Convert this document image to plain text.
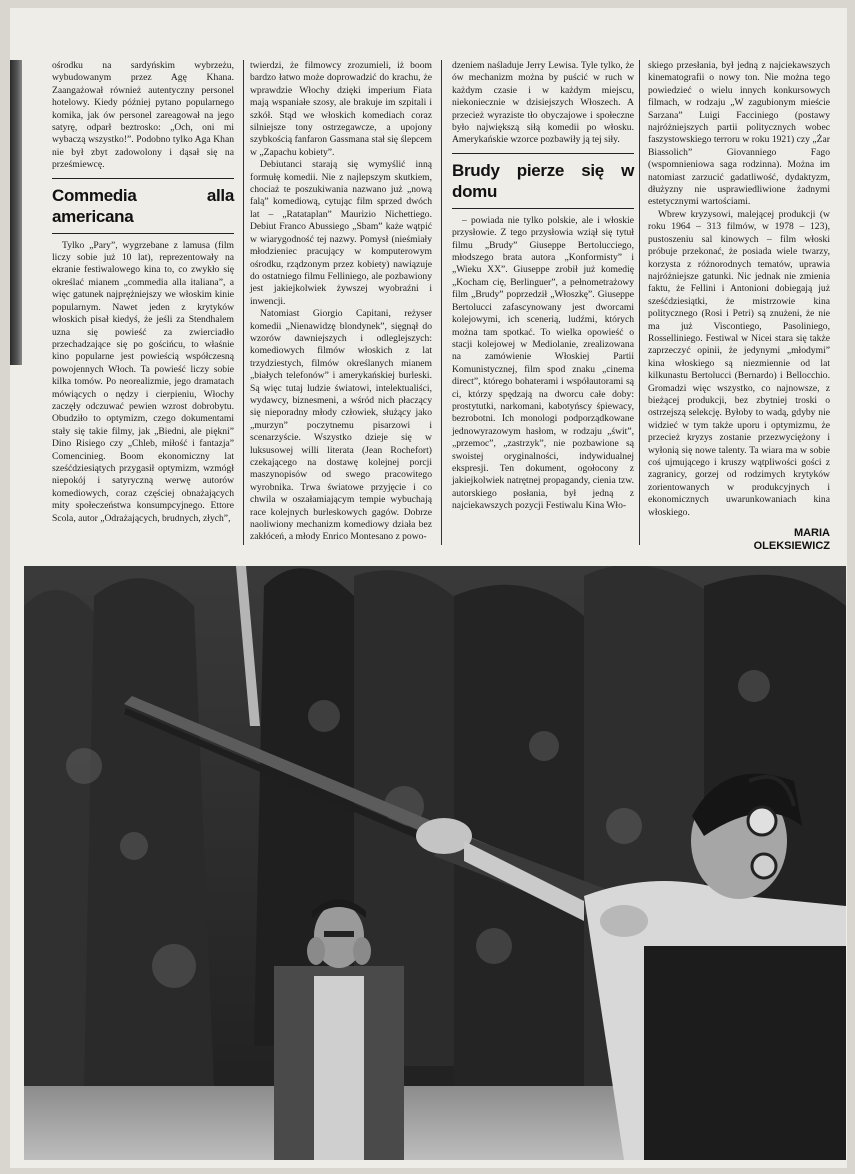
ośrodku na sardyńskim wybrzeżu, wybudowanym przez Agę Khana. Zaangażował również autentyczny personel hotelowy. Kiedy później pytano popularnego komika, jak ów personel zareagował na jego satyrę, odparł beztrosko: „Och, oni mi wybaczą wszystko!”. Podobno tylko Aga Khan nie był zbyt zadowolony i dąsał się na prześmiewcę.

Commedia alla americana

Tylko „Pary”, wygrzebane z lamusa (film liczy sobie już 10 lat), reprezentowały na ekranie festiwalowego kina to, co zwykło się określać mianem „commedia alla italiana”, a więc gatunek najprężniejszy we włoskim kinie popularnym. Nawet jeden z krytyków włoskich pisał kiedyś, że jeśli za Stendhalem uzna się powieść za zwierciadło przechadzające się po gościńcu, to właśnie kino popularne jest powieścią współczesną powojennych Włoch. Ta powieść liczy sobie kilka tomów. Po neorealizmie, jego dramatach mówiących o nędzy i cierpieniu, Włochy zaczęły odczuwać pewien wzrost dobrobytu. Obudziło to optymizm, czego dokumentami stały się takie filmy, jak „Biedni, ale piękni” Dino Risiego czy „Chleb, miłość i fantazja” Comencinieg. Boom ekonomiczny lat sześćdziesiątych przygasił optymizm, wzmógł niepokój i satyryczną werwę autorów komediowych, coraz częściej obnażających mity społeczeństwa konsumpcyjnego. Ettore Scola, autor „Odrażających, brudnych, złych”,

twierdzi, że filmowcy zrozumieli, iż boom bardzo łatwo może doprowadzić do krachu, że wprawdzie Włochy dzięki imperium Fiata mają wspaniałe szosy, ale brakuje im szpitali i szkół. Stąd we włoskich komediach coraz silniejsze tony ostrzegawcze, a upojony szybkością fanfaron Gassmana stał się ślepcem w „Zapachu kobiety”.

Debiutanci starają się wymyślić inną formułę komedii. Nie z najlepszym skutkiem, chociaż te poszukiwania nazwano już „nową falą” komediową, cytując film sprzed dwóch lat – „Ratataplan” Maurizio Nichettiego. Debiut Franco Abussiego „Sbam” każe wątpić w wiarygodność tej nazwy. Pomysł (nieśmiały młodzieniec pracujący w komputerowym ośrodku, rządzonym przez kobiety) nawiązuje do ostatniego filmu Felliniego, ale pozbawiony jest jakiejkolwiek żywszej wyobraźni i inwencji.

Natomiast Giorgio Capitani, reżyser komedii „Nienawidzę blondynek”, sięgnął do wzorów dawniejszych i odleglejszych: komediowych filmów włoskich z lat trzydziestych, filmów określanych mianem „białych telefonów” i amerykańskiej burleski. Są więc tutaj ludzie światowi, intelektualiści, wydawcy, biznesmeni, a wśród nich płaczący się nieporadny młody człowiek, służący jako „murzyn” poczytnemu pisarzowi i scenarzyście. Wszystko dzieje się w luksusowej willi literata (Jean Rochefort) czekającego na dostawę kolejnej porcji maszynopisów od swego pracowitego wyrobnika. Trwa światowe przyjęcie i co chwila w oszałamiającym tempie wybuchają race kolejnych burleskowych gagów. Dobrze naoliwiony mechanizm komediowy działa bez zakłóceń, a młody Enrico Montesano z powo-

dzeniem naśladuje Jerry Lewisa. Tyle tylko, że ów mechanizm można by puścić w ruch w każdym czasie i w każdym miejscu, niekoniecznie w dzisiejszych Włoszech. A przecież wyraziste tło obyczajowe i społeczne było największą siłą komedii po włosku. Amerykańskie wzorce pozbawiły ją tej siły.

Brudy pierze się w domu

– powiada nie tylko polskie, ale i włoskie przysłowie. Z tego przysłowia wziął się tytuł filmu „Brudy” Giuseppe Bertolucciego, młodszego brata autora „Konformisty” i „Wieku XX”. Giuseppe zrobił już komedię „Kocham cię, Berlinguer”, a pełnometrażowy film „Brudy” poprzedził „Włoszkę”. Giuseppe Bertolucci zafascynowany jest dworcami kolejowymi, ich scenerią, ludźmi, których można tam spotkać. To wielka opowieść o stacji kolejowej w Mediolanie, zrealizowana na zamówienie Włoskiej Partii Komunistycznej, film spod znaku „cinema direct”, którego bohaterami i współautorami są ci, którzy spędzają na dworcu całe doby: prostytutki, narkomani, kabotyńscy śpiewacy, bezrobotni. Ich monologi podporządkowane jednowyrazowym hasłom, w rodzaju „świt”, „przemoc”, „zastrzyk”, nie pozbawione są swoistej oryginalności, indywidualnej ekspresji. Ten dokument, ogołocony z jakiejkolwiek natrętnej propagandy, cienia tzw. autorskiego posłania, był jedną z najciekawszych pozycji Festiwalu Kina Wło-

skiego przesłania, był jedną z najciekawszych kinematografii o nowy ton. Nie można tego powiedzieć o wielu innych konkursowych filmach, w rodzaju „W zagubionym mieście Sarzana” Luigi Facciniego (postawy najróżniejszych partii politycznych wobec faszystowskiego terroru w roku 1921) czy „Żar Biassolich” Giovanniego Fago (wspomnieniowa saga rodzinna). Można im natomiast zarzucić gadatliwość, dydaktyzm, dłużyzny nie usprawiedliwione żadnymi estetycznymi wartościami.

Wbrew kryzysowi, malejącej produkcji (w roku 1964 – 313 filmów, w 1978 – 123), pustoszeniu sal kinowych – film włoski próbuje przekonać, że posiada wiele twarzy, korzysta z różnorodnych tematów, uprawia najróżniejsze gatunki. Nic jednak nie zmienia faktu, że Fellini i Antonioni dobiegają już sześćdziesiątki, że mistrzowie kina politycznego (Rosi i Petri) są znużeni, że nie ma już Viscontiego, Pasoliniego, Rosselliniego. Festiwal w Nicei stara się także zaprzeczyć opinii, że jedynymi „młodymi” kina włoskiego są niezmiennie od lat kilkunastu Bertolucci (Bernardo) i Bellocchio. Gromadzi więc wszystko, co najnowsze, z bieżącej produkcji, bez zbytniej troski o ostrzejszą selekcję. Byłoby to wadą, gdyby nie widzieć w tym także uporu i optymizmu, że przecież kryzys zostanie przezwyciężony i wyłonią się nowe talenty. Ta wiara ma w sobie coś ujmującego i kruszy wątpliwości gości z zagranicy, gorzej od rodzimych krytyków zorientowanych w produkcyjnych i ekonomicznych uwarunkowaniach kina włoskiego.

MARIA
OLEKSIEWICZ
